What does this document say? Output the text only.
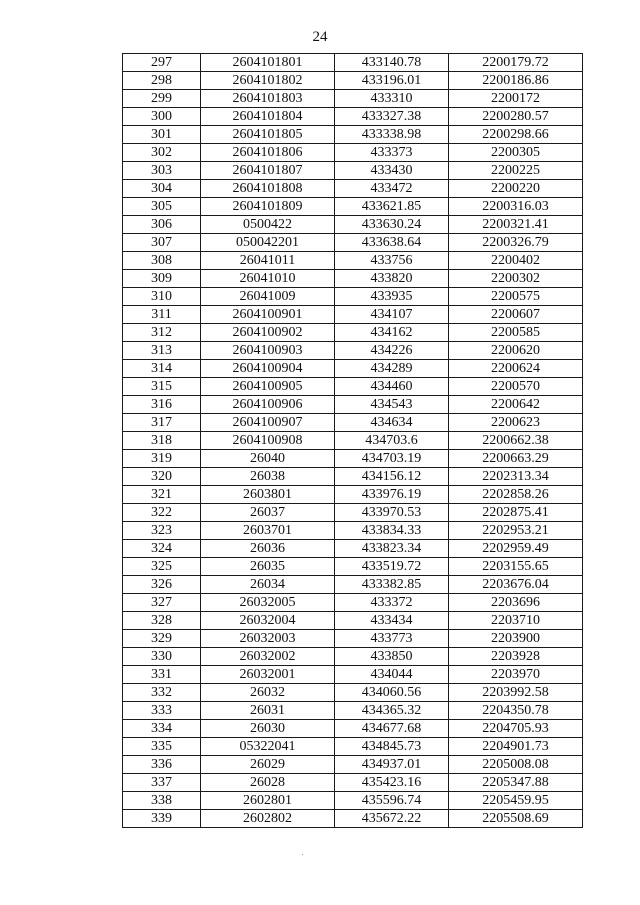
24
297	2604101801	433140.78	2200179.72
298	2604101802	433196.01	2200186.86
299	2604101803	433310	2200172
300	2604101804	433327.38	2200280.57
301	2604101805	433338.98	2200298.66
302	2604101806	433373	2200305
303	2604101807	433430	2200225
304	2604101808	433472	2200220
305	2604101809	433621.85	2200316.03
306	0500422	433630.24	2200321.41
307	050042201	433638.64	2200326.79
308	26041011	433756	2200402
309	26041010	433820	2200302
310	26041009	433935	2200575
311	2604100901	434107	2200607
312	2604100902	434162	2200585
313	2604100903	434226	2200620
314	2604100904	434289	2200624
315	2604100905	434460	2200570
316	2604100906	434543	2200642
317	2604100907	434634	2200623
318	2604100908	434703.6	2200662.38
319	26040	434703.19	2200663.29
320	26038	434156.12	2202313.34
321	2603801	433976.19	2202858.26
322	26037	433970.53	2202875.41
323	2603701	433834.33	2202953.21
324	26036	433823.34	2202959.49
325	26035	433519.72	2203155.65
326	26034	433382.85	2203676.04
327	26032005	433372	2203696
328	26032004	433434	2203710
329	26032003	433773	2203900
330	26032002	433850	2203928
331	26032001	434044	2203970
332	26032	434060.56	2203992.58
333	26031	434365.32	2204350.78
334	26030	434677.68	2204705.93
335	05322041	434845.73	2204901.73
336	26029	434937.01	2205008.08
337	26028	435423.16	2205347.88
338	2602801	435596.74	2205459.95
339	2602802	435672.22	2205508.69
